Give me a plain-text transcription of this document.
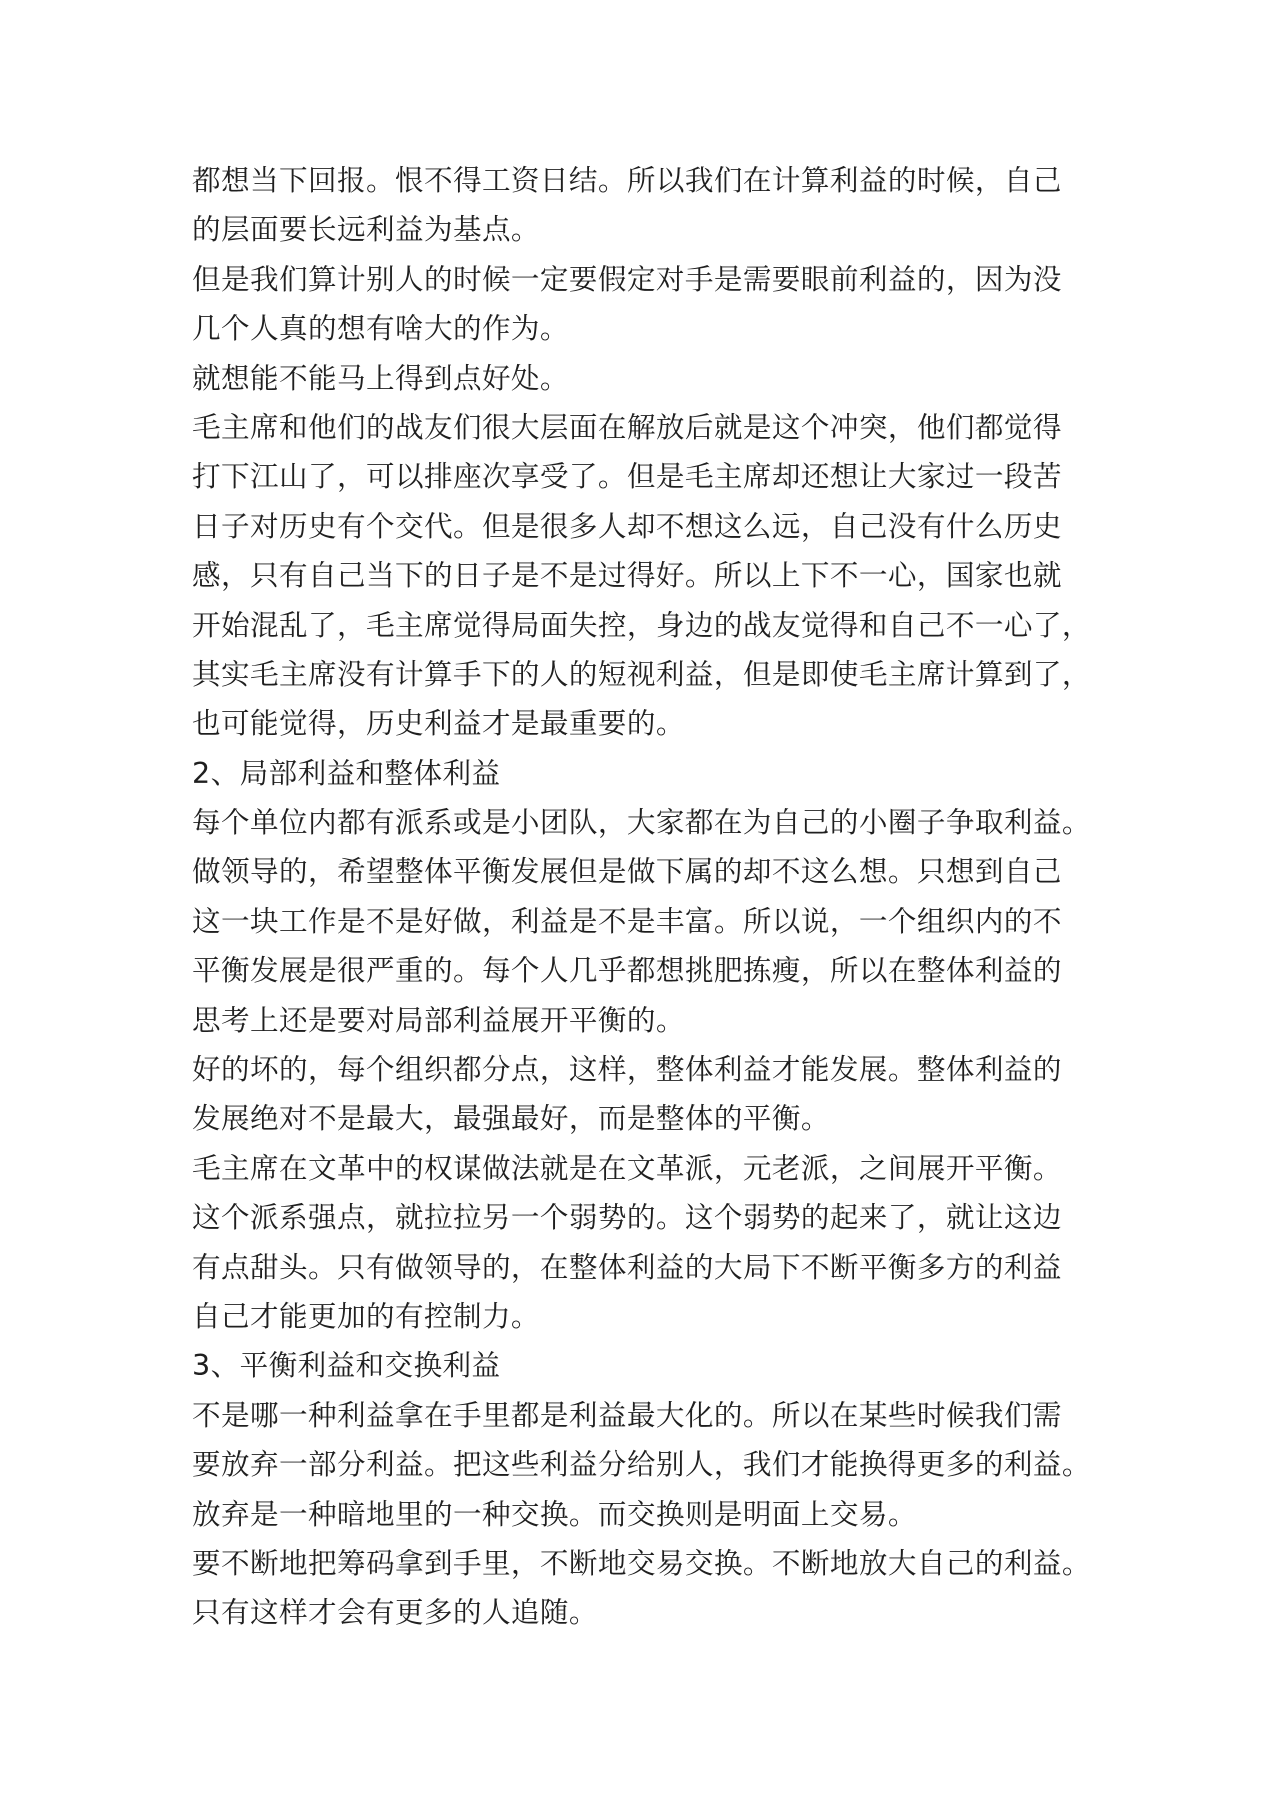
都想当下回报。恨不得工资日结。所以我们在计算利益的时候，自己
的层面要长远利益为基点。
但是我们算计别人的时候一定要假定对手是需要眼前利益的，因为没
几个人真的想有啥大的作为。
就想能不能马上得到点好处。
毛主席和他们的战友们很大层面在解放后就是这个冲突，他们都觉得
打下江山了，可以排座次享受了。但是毛主席却还想让大家过一段苦
日子对历史有个交代。但是很多人却不想这么远，自己没有什么历史
感，只有自己当下的日子是不是过得好。所以上下不一心，国家也就
开始混乱了，毛主席觉得局面失控，身边的战友觉得和自己不一心了，
其实毛主席没有计算手下的人的短视利益，但是即使毛主席计算到了，
也可能觉得，历史利益才是最重要的。
2、局部利益和整体利益
每个单位内都有派系或是小团队，大家都在为自己的小圈子争取利益。
做领导的，希望整体平衡发展但是做下属的却不这么想。只想到自己
这一块工作是不是好做，利益是不是丰富。所以说，一个组织内的不
平衡发展是很严重的。每个人几乎都想挑肥拣瘦，所以在整体利益的
思考上还是要对局部利益展开平衡的。
好的坏的，每个组织都分点，这样，整体利益才能发展。整体利益的
发展绝对不是最大，最强最好，而是整体的平衡。
毛主席在文革中的权谋做法就是在文革派，元老派，之间展开平衡。
这个派系强点，就拉拉另一个弱势的。这个弱势的起来了，就让这边
有点甜头。只有做领导的，在整体利益的大局下不断平衡多方的利益
自己才能更加的有控制力。
3、平衡利益和交换利益
不是哪一种利益拿在手里都是利益最大化的。所以在某些时候我们需
要放弃一部分利益。把这些利益分给别人，我们才能换得更多的利益。
放弃是一种暗地里的一种交换。而交换则是明面上交易。
要不断地把筹码拿到手里，不断地交易交换。不断地放大自己的利益。
只有这样才会有更多的人追随。
